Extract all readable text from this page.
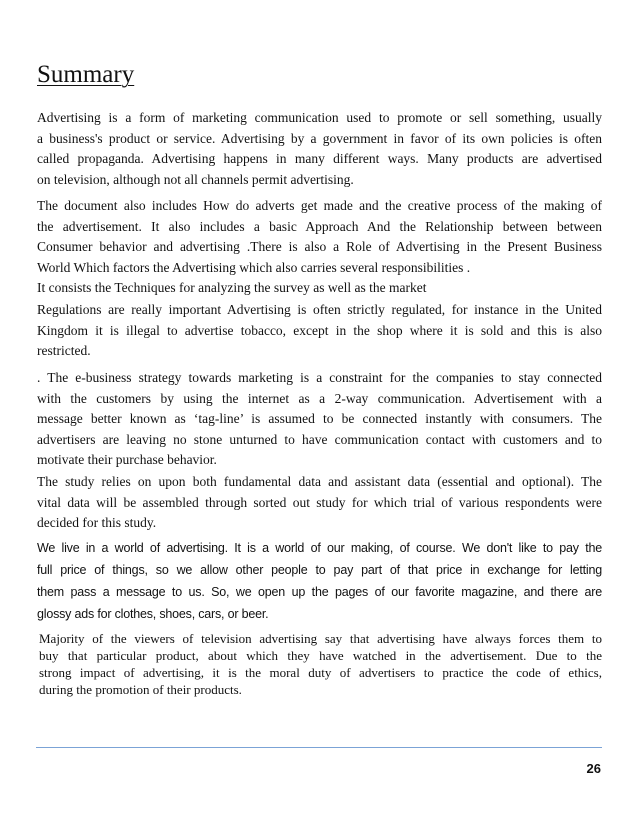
Summary

Advertising is a form of marketing communication used to promote or sell something, usually
a business's product or service. Advertising by a government in favor of its own policies is often
called propaganda. Advertising happens in many different ways. Many products are advertised
on television, although not all channels permit advertising.

The document also includes How do adverts get made and the creative process of the making of
the advertisement. It also includes a basic Approach And the Relationship between between
Consumer behavior and advertising .There is also a Role of Advertising in the Present Business
World Which factors the Advertising which also carries several responsibilities .
It consists the Techniques for analyzing the survey as well as the market

Regulations are really important Advertising is often strictly regulated, for instance in the United
Kingdom it is illegal to advertise tobacco, except in the shop where it is sold and this is also
restricted.

. The e-business strategy towards marketing is a constraint for the companies to stay connected
with the customers by using the internet as a 2-way communication. Advertisement with a
message better known as ‘tag-line’ is assumed to be connected instantly with consumers. The
advertisers are leaving no stone unturned to have communication contact with customers and to
motivate their purchase behavior.

The study relies on upon both fundamental data and assistant data (essential and optional). The
vital data will be assembled through sorted out study for which trial of various respondents were
decided for this study.

We live in a world of advertising. It is a world of our making, of course. We don't like to pay the
full price of things, so we allow other people to pay part of that price in exchange for letting
them pass a message to us. So, we open up the pages of our favorite magazine, and there are
glossy ads for clothes, shoes, cars, or beer.

Majority of the viewers of television advertising say that advertising have always forces them to
buy that particular product, about which they have watched in the advertisement. Due to the
strong impact of advertising, it is the moral duty of advertisers to practice the code of ethics,
during the promotion of their products.

26
